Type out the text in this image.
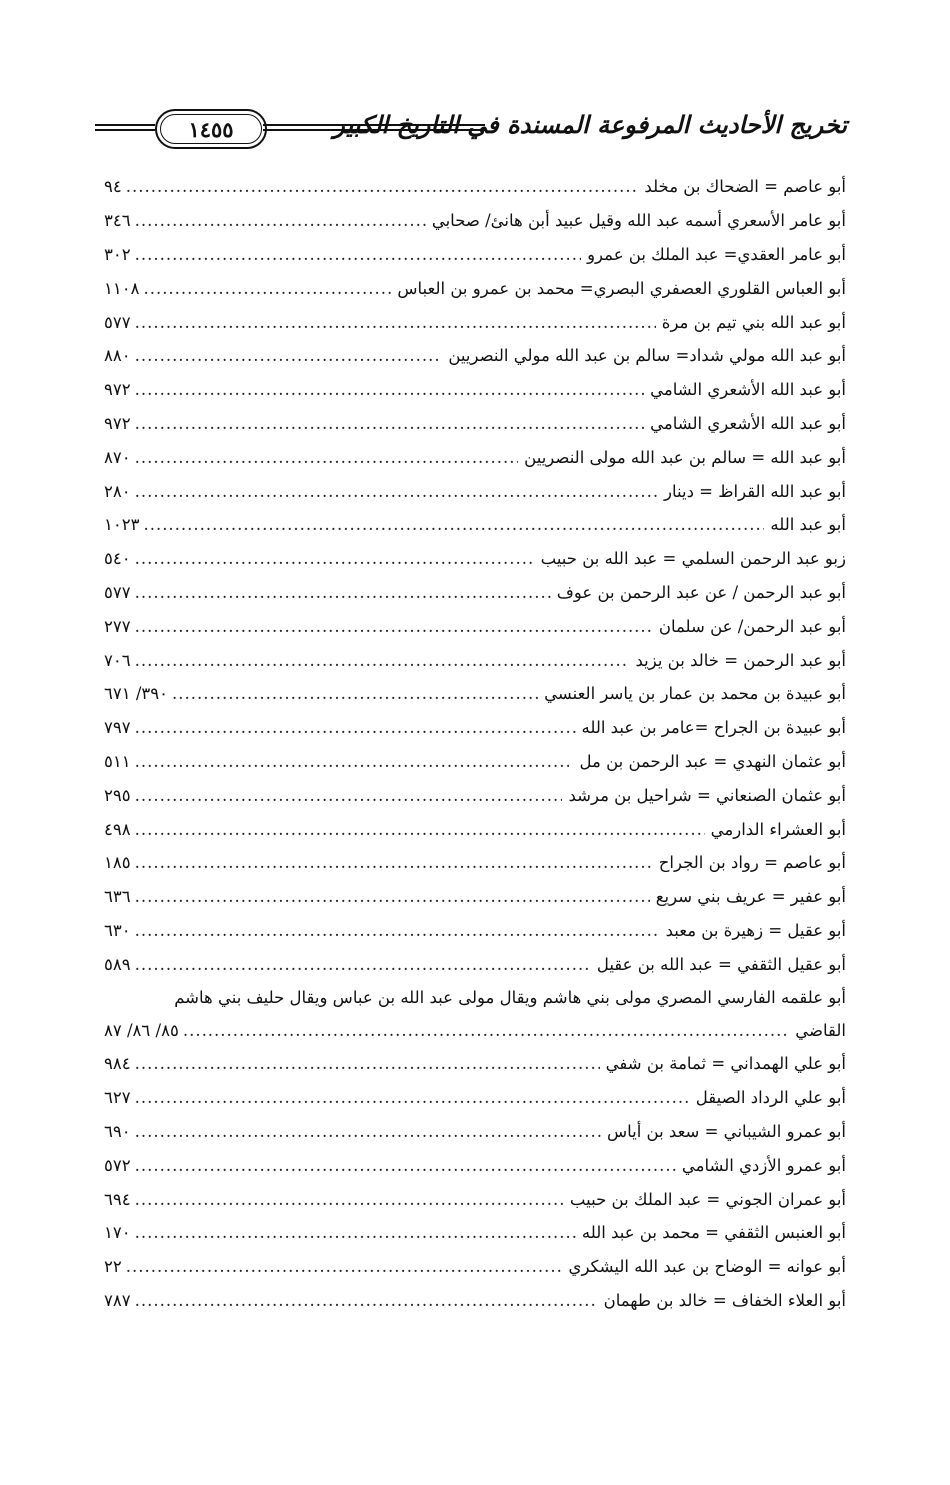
١٤٥٥	تخريج الأحاديث المرفوعة المسندة في التاريخ الكبير
أبو عاصم = الضحاك بن مخلد
.....
٩٤
أبو عامر الأسعري أسمه عبد الله وقيل عبيد أبن هانئ/ صحابي
.....
٣٤٦
أبو عامر العقدي= عبد الملك بن عمرو
.....
٣٠٢
أبو العباس القلوري العصفري البصري= محمد بن عمرو بن العباس
.....
١١٠٨
أبو عبد الله بني تيم بن مرة
.....
٥٧٧
أبو عبد الله مولي شداد= سالم بن عبد الله مولي النصريين
.....
٨٨٠
أبو عبد الله الأشعري الشامي
.....
٩٧٢
أبو عبد الله الأشعري الشامي
.....
٩٧٢
أبو عبد الله = سالم بن عبد الله مولى النصريين
.....
٨٧٠
أبو عبد الله القراظ = دينار
.....
٢٨٠
أبو عبد الله
.....
١٠٢٣
زبو عبد الرحمن السلمي = عبد الله بن حبيب
.....
٥٤٠
أبو عبد الرحمن / عن عبد الرحمن بن عوف
.....
٥٧٧
أبو عبد الرحمن/ عن سلمان
.....
٢٧٧
أبو عبد الرحمن = خالد بن يزيد
.....
٧٠٦
أبو عبيدة بن محمد بن عمار بن ياسر العنسي
.....
٣٩٠/ ٦٧١
أبو عبيدة بن الجراح =عامر بن عبد الله
.....
٧٩٧
أبو عثمان النهدي = عبد الرحمن بن مل
.....
٥١١
أبو عثمان الصنعاني = شراحيل بن مرشد
.....
٢٩٥
أبو العشراء الدارمي
.....
٤٩٨
أبو عاصم = رواد بن الجراح
.....
١٨٥
أبو عفير = عريف بني سريع
.....
٦٣٦
أبو عقيل = زهيرة بن معبد
.....
٦٣٠
أبو عقيل الثقفي = عبد الله بن عقيل
.....
٥٨٩
أبو علقمه الفارسي المصري مولى بني هاشم ويقال مولى عبد الله بن عباس ويقال حليف بني هاشم
القاضي
.....
٨٥/ ٨٦/ ٨٧
أبو علي الهمداني = ثمامة بن شفي
.....
٩٨٤
أبو علي الرداد الصيقل
.....
٦٢٧
أبو عمرو الشيباني = سعد بن أياس
.....
٦٩٠
أبو عمرو الأزدي الشامي
.....
٥٧٢
أبو عمران الجوني = عبد الملك بن حبيب
.....
٦٩٤
أبو العنبس الثقفي = محمد بن عبد الله
.....
١٧٠
أبو عوانه = الوضاح بن عبد الله اليشكري
.....
٢٢
أبو العلاء الخفاف = خالد بن طهمان
.....
٧٨٧
